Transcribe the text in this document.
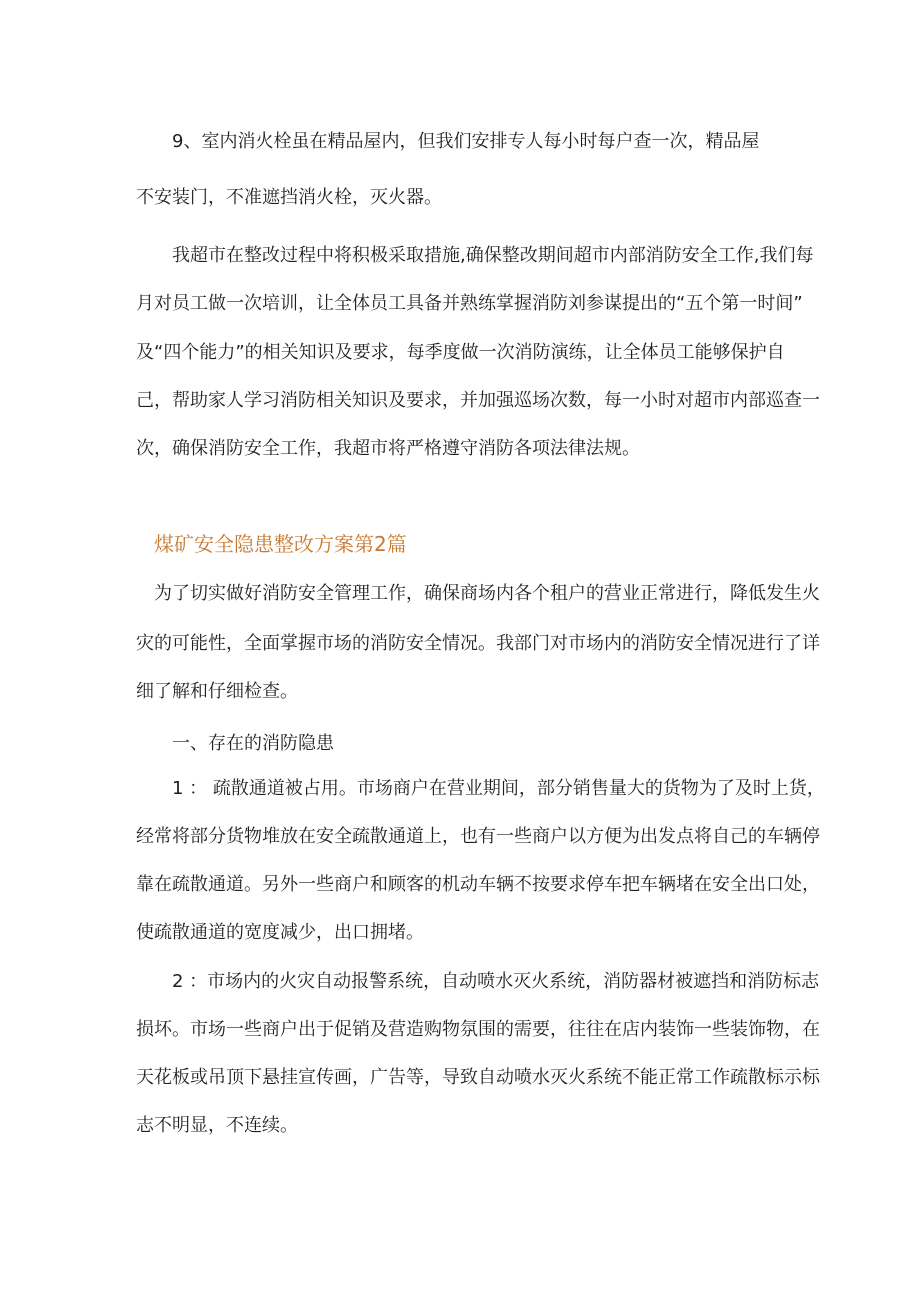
9、室内消火栓虽在精品屋内，但我们安排专人每小时每户查一次，精品屋
不安装门，不准遮挡消火栓，灭火器。
我超市在整改过程中将积极采取措施,确保整改期间超市内部消防安全工作,我们每
月对员工做一次培训，让全体员工具备并熟练掌握消防刘参谋提出的“五个第一时间”
及“四个能力”的相关知识及要求，每季度做一次消防演练，让全体员工能够保护自
己，帮助家人学习消防相关知识及要求，并加强巡场次数，每一小时对超市内部巡查一
次，确保消防安全工作，我超市将严格遵守消防各项法律法规。
煤矿安全隐患整改方案第2篇
为了切实做好消防安全管理工作，确保商场内各个租户的营业正常进行，降低发生火
灾的可能性，全面掌握市场的消防安全情况。我部门对市场内的消防安全情况进行了详
细了解和仔细检查。
一、存在的消防隐患
1 ： 疏散通道被占用。市场商户在营业期间，部分销售量大的货物为了及时上货，
经常将部分货物堆放在安全疏散通道上，也有一些商户以方便为出发点将自己的车辆停
靠在疏散通道。另外一些商户和顾客的机动车辆不按要求停车把车辆堵在安全出口处，
使疏散通道的宽度减少，出口拥堵。
2 ：市场内的火灾自动报警系统，自动喷水灭火系统，消防器材被遮挡和消防标志
损坏。市场一些商户出于促销及营造购物氛围的需要，往往在店内装饰一些装饰物，在
天花板或吊顶下悬挂宣传画，广告等，导致自动喷水灭火系统不能正常工作疏散标示标
志不明显，不连续。
